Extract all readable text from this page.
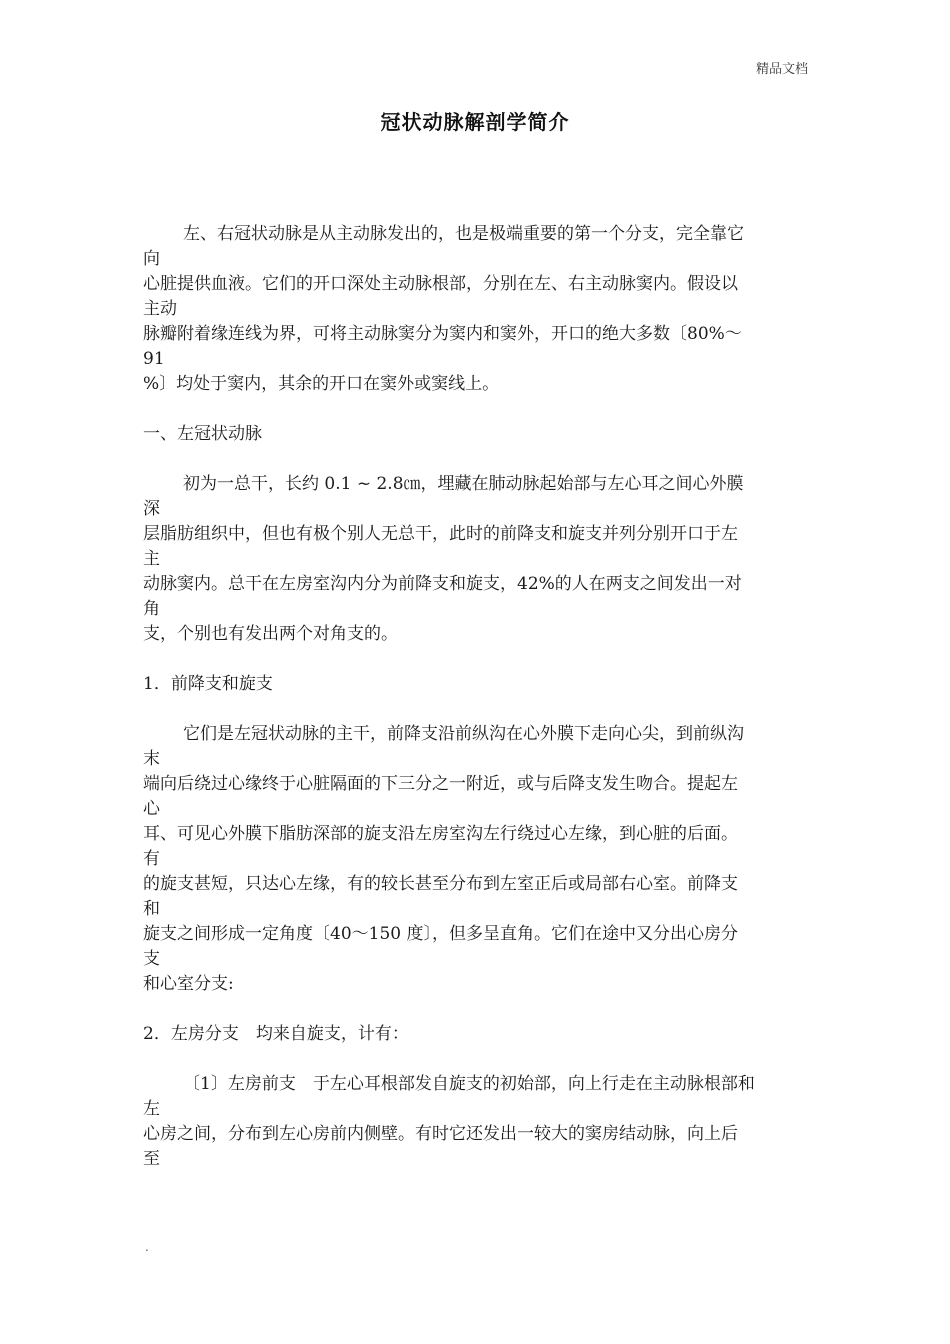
精品文档
冠状动脉解剖学简介
左、右冠状动脉是从主动脉发出的，也是极端重要的第一个分支，完全靠它
向
心脏提供血液。它们的开口深处主动脉根部，分别在左、右主动脉窦内。假设以
主动
脉瓣附着缘连线为界，可将主动脉窦分为窦内和窦外，开口的绝大多数〔80%～
91
%〕均处于窦内，其余的开口在窦外或窦线上。
一、左冠状动脉
初为一总干，长约 0.1 ~ 2.8㎝，埋藏在肺动脉起始部与左心耳之间心外膜
深
层脂肪组织中，但也有极个别人无总干，此时的前降支和旋支并列分别开口于左
主
动脉窦内。总干在左房室沟内分为前降支和旋支，42%的人在两支之间发出一对
角
支，个别也有发出两个对角支的。
1．前降支和旋支
它们是左冠状动脉的主干，前降支沿前纵沟在心外膜下走向心尖，到前纵沟
末
端向后绕过心缘终于心脏隔面的下三分之一附近，或与后降支发生吻合。提起左
心
耳、可见心外膜下脂肪深部的旋支沿左房室沟左行绕过心左缘，到心脏的后面。
有
的旋支甚短，只达心左缘，有的较长甚至分布到左室正后或局部右心室。前降支
和
旋支之间形成一定角度〔40～150 度〕，但多呈直角。它们在途中又分出心房分
支
和心室分支:
2．左房分支　均来自旋支，计有：
〔1〕左房前支　于左心耳根部发自旋支的初始部，向上行走在主动脉根部和
左
心房之间，分布到左心房前内侧壁。有时它还发出一较大的窦房结动脉，向上后
至
.
